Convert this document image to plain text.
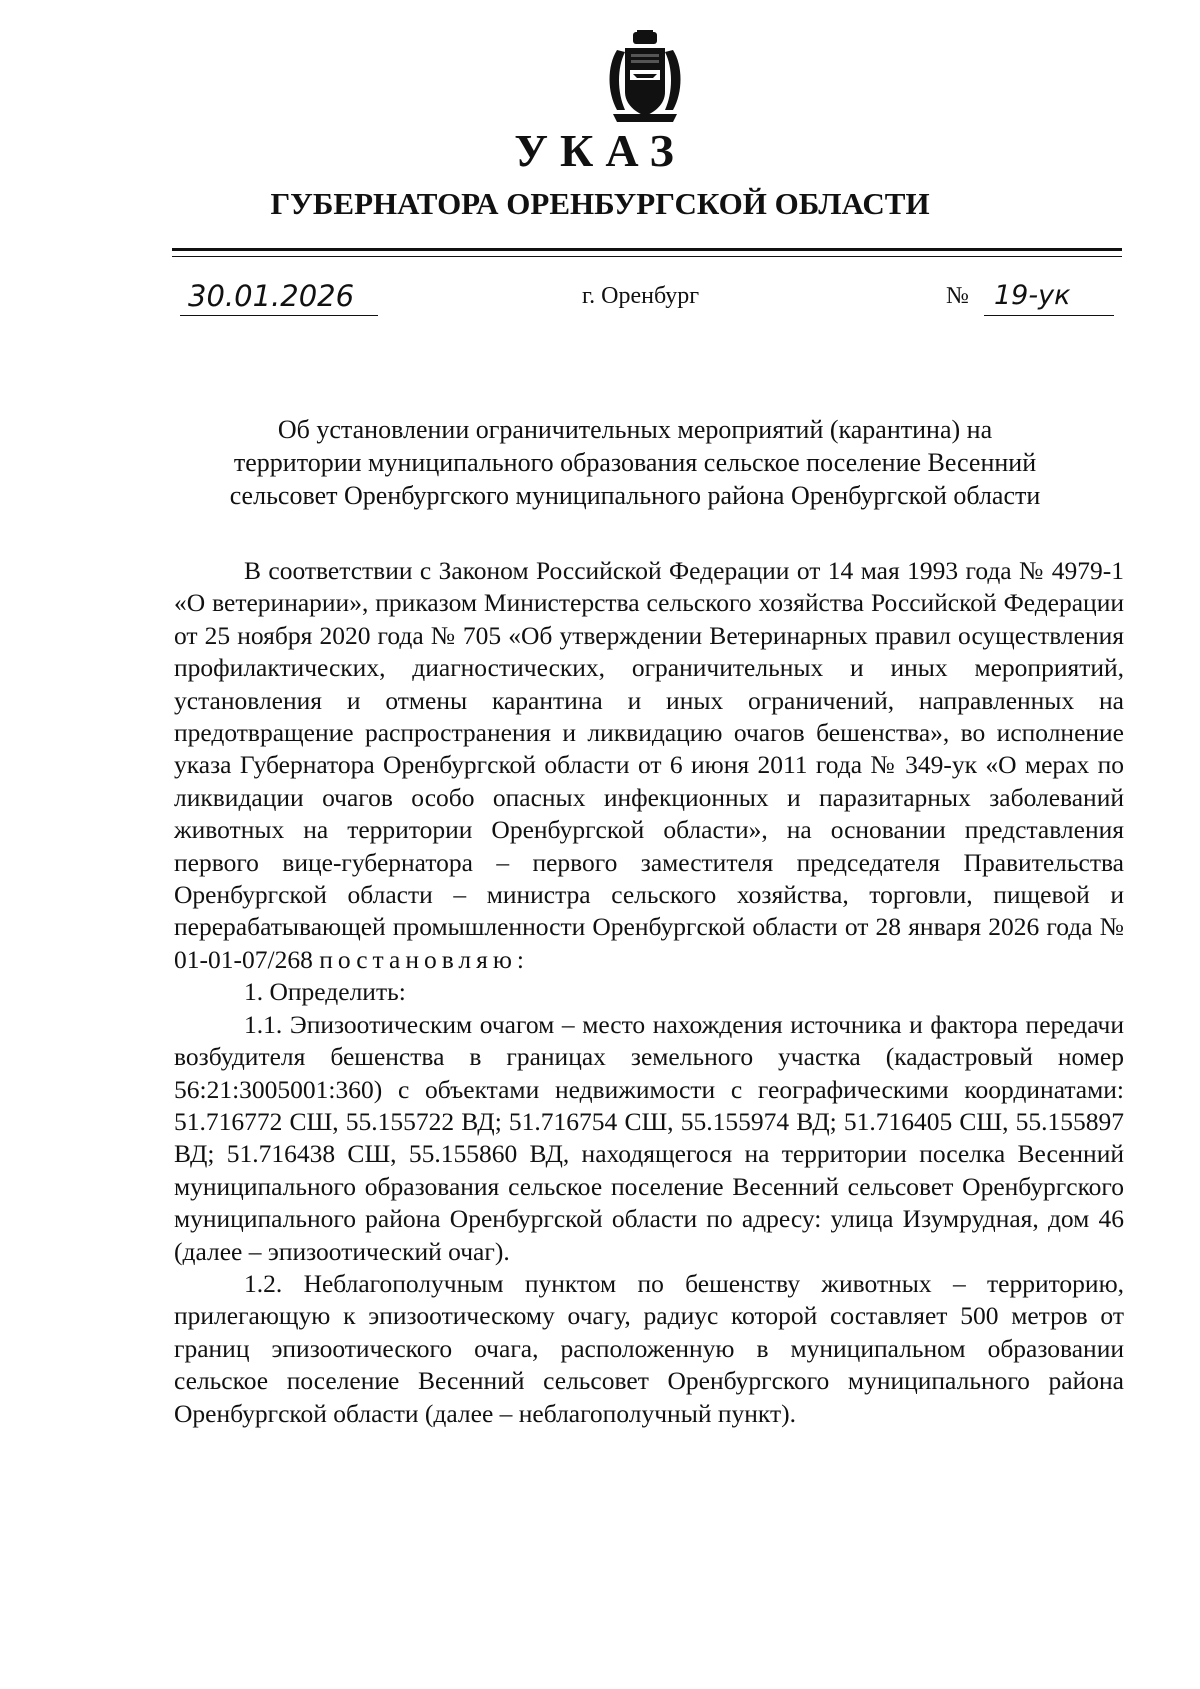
УКАЗ
ГУБЕРНАТОРА ОРЕНБУРГСКОЙ ОБЛАСТИ
30.01.2026	г. Оренбург	№ 19-ук
Об установлении ограничительных мероприятий (карантина) на
территории муниципального образования сельское поселение Весенний
сельсовет Оренбургского муниципального района Оренбургской области

В соответствии с Законом Российской Федерации от 14 мая 1993 года № 4979-1 «О ветеринарии», приказом Министерства сельского хозяйства Российской Федерации от 25 ноября 2020 года № 705 «Об утверждении Ветеринарных правил осуществления профилактических, диагностических, ограничительных и иных мероприятий, установления и отмены карантина и иных ограничений, направленных на предотвращение распространения и ликвидацию очагов бешенства», во исполнение указа Губернатора Оренбургской области от 6 июня 2011 года № 349-ук «О мерах по ликвидации очагов особо опасных инфекционных и паразитарных заболеваний животных на территории Оренбургской области», на основании представления первого вице-губернатора – первого заместителя председателя Правительства Оренбургской области – министра сельского хозяйства, торговли, пищевой и перерабатывающей промышленности Оренбургской области от 28 января 2026 года № 01-01-07/268 постановляю:

1. Определить:

1.1. Эпизоотическим очагом – место нахождения источника и фактора передачи возбудителя бешенства в границах земельного участка (кадастровый номер 56:21:3005001:360) с объектами недвижимости с географическими координатами: 51.716772 СШ, 55.155722 ВД; 51.716754 СШ, 55.155974 ВД; 51.716405 СШ, 55.155897 ВД; 51.716438 СШ, 55.155860 ВД, находящегося на территории поселка Весенний муниципального образования сельское поселение Весенний сельсовет Оренбургского муниципального района Оренбургской области по адресу: улица Изумрудная, дом 46 (далее – эпизоотический очаг).

1.2. Неблагополучным пунктом по бешенству животных – территорию, прилегающую к эпизоотическому очагу, радиус которой составляет 500 метров от границ эпизоотического очага, расположенную в муниципальном образовании сельское поселение Весенний сельсовет Оренбургского муниципального района Оренбургской области (далее – неблагополучный пункт).
